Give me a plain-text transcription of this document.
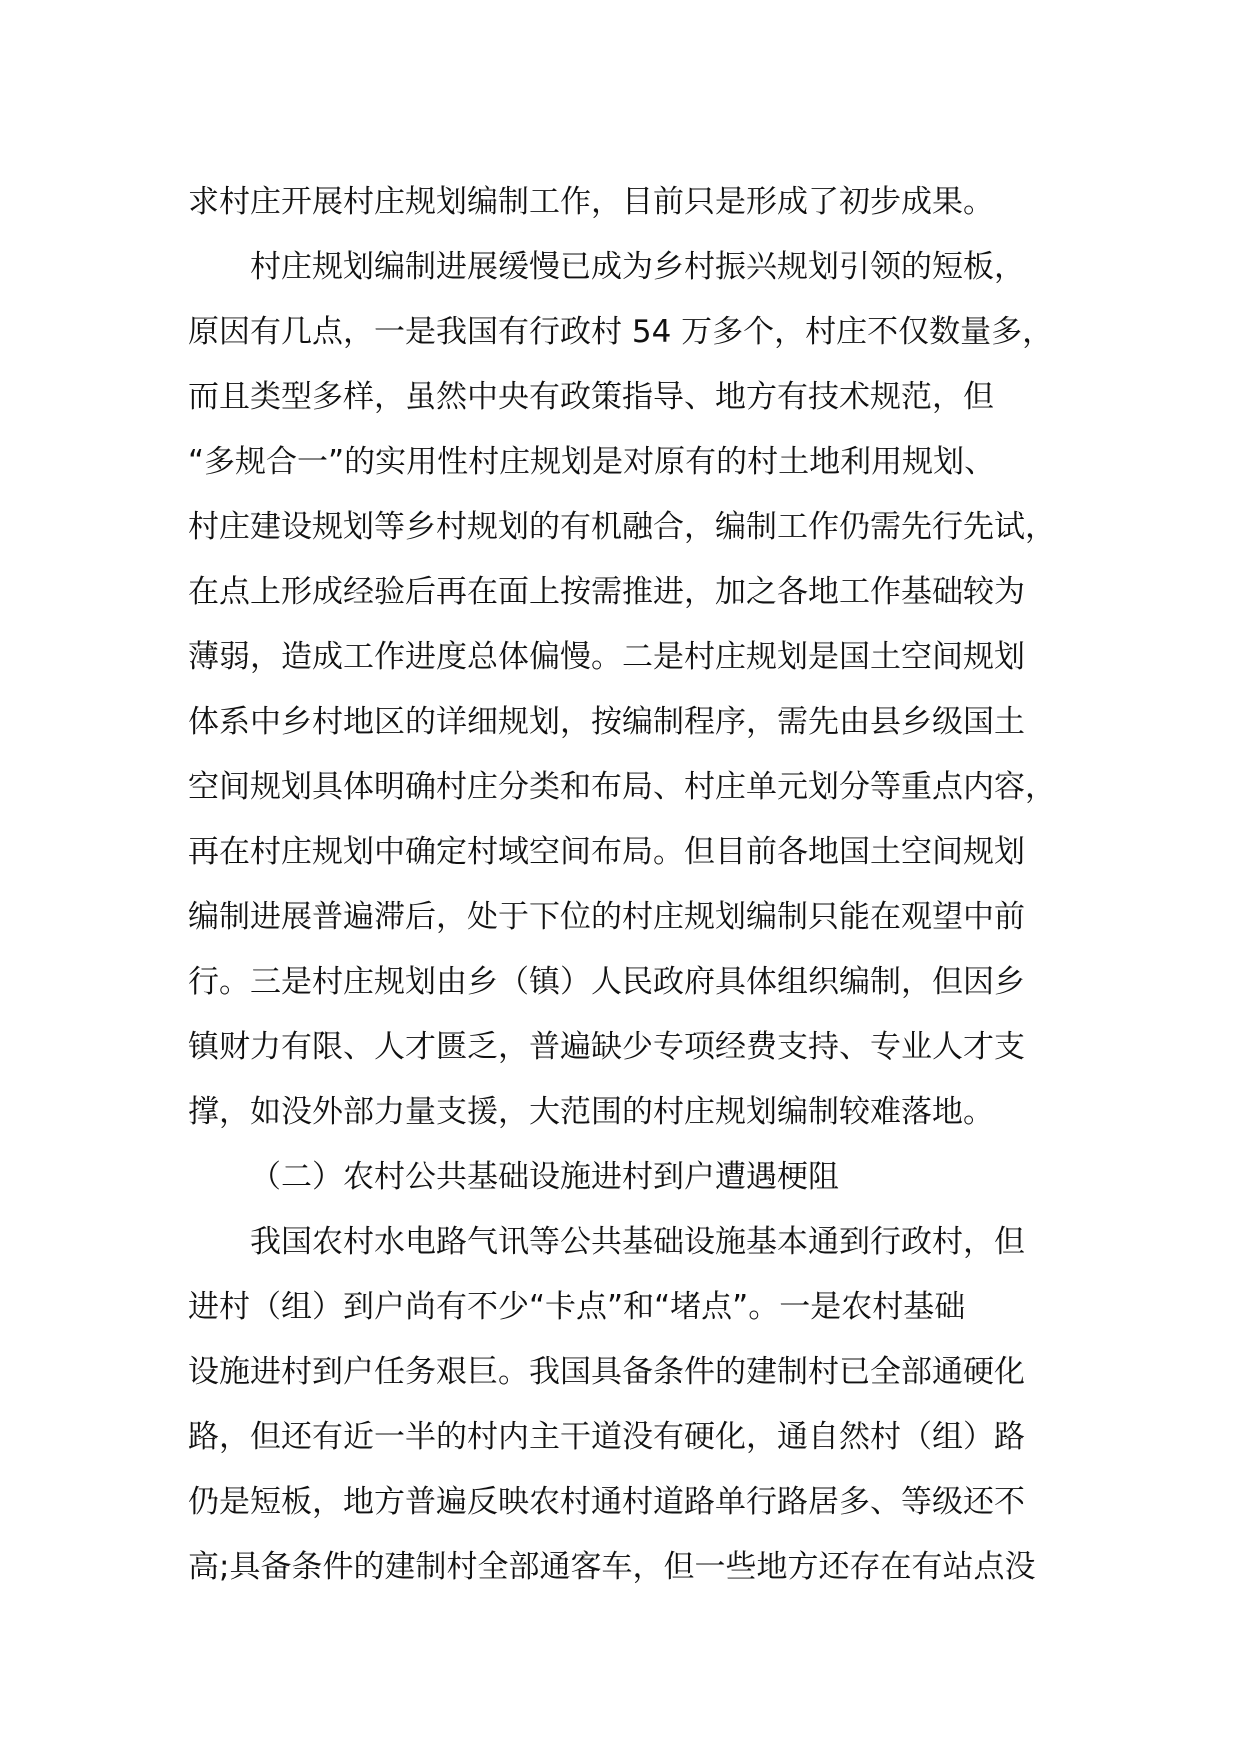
求村庄开展村庄规划编制工作，目前只是形成了初步成果。
村庄规划编制进展缓慢已成为乡村振兴规划引领的短板，
原因有几点，一是我国有行政村 54 万多个，村庄不仅数量多，
而且类型多样，虽然中央有政策指导、地方有技术规范，但
“多规合一”的实用性村庄规划是对原有的村土地利用规划、
村庄建设规划等乡村规划的有机融合，编制工作仍需先行先试，
在点上形成经验后再在面上按需推进，加之各地工作基础较为
薄弱，造成工作进度总体偏慢。二是村庄规划是国土空间规划
体系中乡村地区的详细规划，按编制程序，需先由县乡级国土
空间规划具体明确村庄分类和布局、村庄单元划分等重点内容，
再在村庄规划中确定村域空间布局。但目前各地国土空间规划
编制进展普遍滞后，处于下位的村庄规划编制只能在观望中前
行。三是村庄规划由乡（镇）人民政府具体组织编制，但因乡
镇财力有限、人才匮乏，普遍缺少专项经费支持、专业人才支
撑，如没外部力量支援，大范围的村庄规划编制较难落地。
（二）农村公共基础设施进村到户遭遇梗阻
我国农村水电路气讯等公共基础设施基本通到行政村，但
进村（组）到户尚有不少“卡点”和“堵点”。一是农村基础
设施进村到户任务艰巨。我国具备条件的建制村已全部通硬化
路，但还有近一半的村内主干道没有硬化，通自然村（组）路
仍是短板，地方普遍反映农村通村道路单行路居多、等级还不
高;具备条件的建制村全部通客车，但一些地方还存在有站点没
